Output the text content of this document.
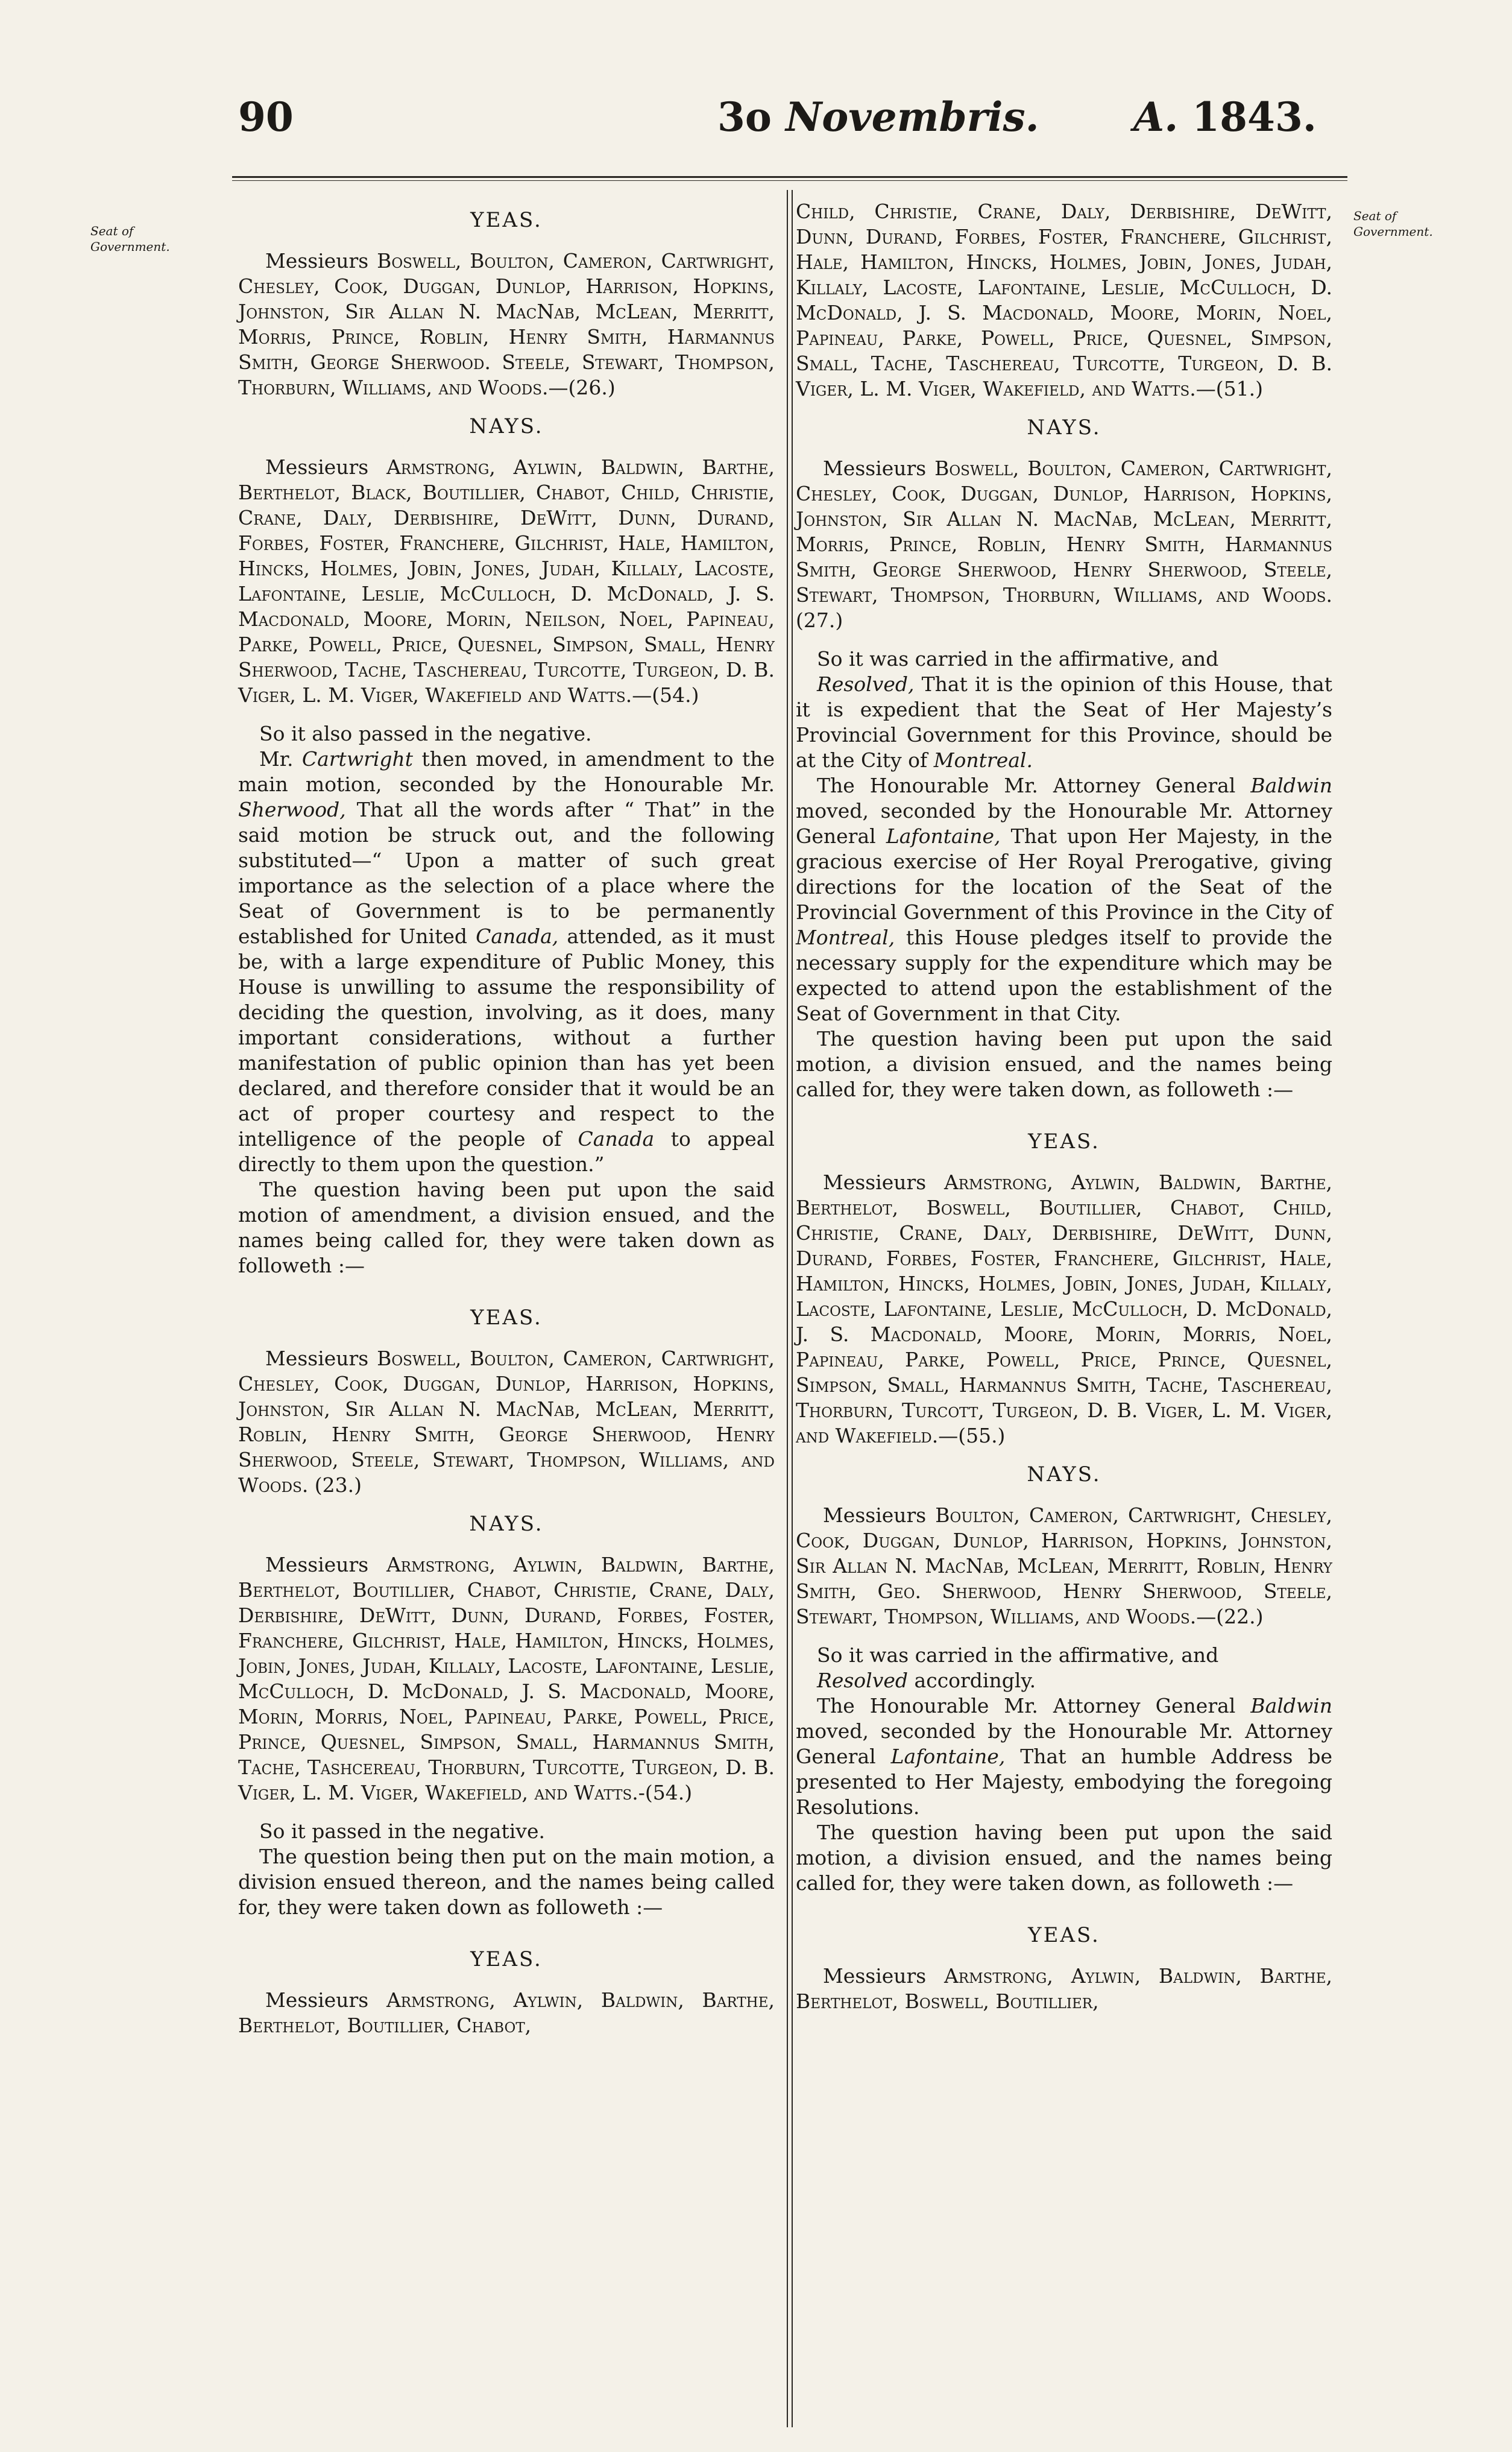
90	3o Novembris. A. 1843.
Seat of Government.
Seat of Government.
YEAS.

Messieurs Boswell, Boulton, Cameron, Cartwright, Chesley, Cook, Duggan, Dunlop, Harrison, Hopkins, Johnston, Sir Allan N. MacNab, McLean, Merritt, Morris, Prince, Roblin, Henry Smith, Harmannus Smith, George Sherwood. Steele, Stewart, Thompson, Thorburn, Williams, and Woods.—(26.)

NAYS.

Messieurs Armstrong, Aylwin, Baldwin, Barthe, Berthelot, Black, Boutillier, Chabot, Child, Christie, Crane, Daly, Derbishire, DeWitt, Dunn, Durand, Forbes, Foster, Franchere, Gilchrist, Hale, Hamilton, Hincks, Holmes, Jobin, Jones, Judah, Killaly, Lacoste, Lafontaine, Leslie, McCulloch, D. McDonald, J. S. Macdonald, Moore, Morin, Neilson, Noel, Papineau, Parke, Powell, Price, Quesnel, Simpson, Small, Henry Sherwood, Tache, Taschereau, Turcotte, Turgeon, D. B. Viger, L. M. Viger, Wakefield and Watts.—(54.)

So it also passed in the negative.

Mr. Cartwright then moved, in amendment to the main motion, seconded by the Honourable Mr. Sherwood, That all the words after “ That” in the said motion be struck out, and the following substituted—“ Upon a matter of such great importance as the selection of a place where the Seat of Government is to be permanently established for United Canada, attended, as it must be, with a large expenditure of Public Money, this House is unwilling to assume the responsibility of deciding the question, involving, as it does, many important considerations, without a further manifestation of public opinion than has yet been declared, and therefore consider that it would be an act of proper courtesy and respect to the intelligence of the people of Canada to appeal directly to them upon the question.”

The question having been put upon the said motion of amendment, a division ensued, and the names being called for, they were taken down as followeth :—

YEAS.

Messieurs Boswell, Boulton, Cameron, Cartwright, Chesley, Cook, Duggan, Dunlop, Harrison, Hopkins, Johnston, Sir Allan N. MacNab, McLean, Merritt, Roblin, Henry Smith, George Sherwood, Henry Sherwood, Steele, Stewart, Thompson, Williams, and Woods. (23.)

NAYS.

Messieurs Armstrong, Aylwin, Baldwin, Barthe, Berthelot, Boutillier, Chabot, Christie, Crane, Daly, Derbishire, DeWitt, Dunn, Durand, Forbes, Foster, Franchere, Gilchrist, Hale, Hamilton, Hincks, Holmes, Jobin, Jones, Judah, Killaly, Lacoste, Lafontaine, Leslie, McCulloch, D. McDonald, J. S. Macdonald, Moore, Morin, Morris, Noel, Papineau, Parke, Powell, Price, Prince, Quesnel, Simpson, Small, Harmannus Smith, Tache, Tashcereau, Thorburn, Turcotte, Turgeon, D. B. Viger, L. M. Viger, Wakefield, and Watts.-(54.)

So it passed in the negative.

The question being then put on the main motion, a division ensued thereon, and the names being called for, they were taken down as followeth :—

YEAS.

Messieurs Armstrong, Aylwin, Baldwin, Barthe, Berthelot, Boutillier, Chabot,

Child, Christie, Crane, Daly, Derbishire, DeWitt, Dunn, Durand, Forbes, Foster, Franchere, Gilchrist, Hale, Hamilton, Hincks, Holmes, Jobin, Jones, Judah, Killaly, Lacoste, Lafontaine, Leslie, McCulloch, D. McDonald, J. S. Macdonald, Moore, Morin, Noel, Papineau, Parke, Powell, Price, Quesnel, Simpson, Small, Tache, Taschereau, Turcotte, Turgeon, D. B. Viger, L. M. Viger, Wakefield, and Watts.—(51.)

NAYS.

Messieurs Boswell, Boulton, Cameron, Cartwright, Chesley, Cook, Duggan, Dunlop, Harrison, Hopkins, Johnston, Sir Allan N. MacNab, McLean, Merritt, Morris, Prince, Roblin, Henry Smith, Harmannus Smith, George Sherwood, Henry Sherwood, Steele, Stewart, Thompson, Thorburn, Williams, and Woods. (27.)

So it was carried in the affirmative, and

Resolved, That it is the opinion of this House, that it is expedient that the Seat of Her Majesty’s Provincial Government for this Province, should be at the City of Montreal.

The Honourable Mr. Attorney General Baldwin moved, seconded by the Honourable Mr. Attorney General Lafontaine, That upon Her Majesty, in the gracious exercise of Her Royal Prerogative, giving directions for the location of the Seat of the Provincial Government of this Province in the City of Montreal, this House pledges itself to provide the necessary supply for the expenditure which may be expected to attend upon the establishment of the Seat of Government in that City.

The question having been put upon the said motion, a division ensued, and the names being called for, they were taken down, as followeth :—

YEAS.

Messieurs Armstrong, Aylwin, Baldwin, Barthe, Berthelot, Boswell, Boutillier, Chabot, Child, Christie, Crane, Daly, Derbishire, DeWitt, Dunn, Durand, Forbes, Foster, Franchere, Gilchrist, Hale, Hamilton, Hincks, Holmes, Jobin, Jones, Judah, Killaly, Lacoste, Lafontaine, Leslie, McCulloch, D. McDonald, J. S. Macdonald, Moore, Morin, Morris, Noel, Papineau, Parke, Powell, Price, Prince, Quesnel, Simpson, Small, Harmannus Smith, Tache, Taschereau, Thorburn, Turcott, Turgeon, D. B. Viger, L. M. Viger, and Wakefield.—(55.)

NAYS.

Messieurs Boulton, Cameron, Cartwright, Chesley, Cook, Duggan, Dunlop, Harrison, Hopkins, Johnston, Sir Allan N. MacNab, McLean, Merritt, Roblin, Henry Smith, Geo. Sherwood, Henry Sherwood, Steele, Stewart, Thompson, Williams, and Woods.—(22.)

So it was carried in the affirmative, and

Resolved accordingly.

The Honourable Mr. Attorney General Baldwin moved, seconded by the Honourable Mr. Attorney General Lafontaine, That an humble Address be presented to Her Majesty, embodying the foregoing Resolutions.

The question having been put upon the said motion, a division ensued, and the names being called for, they were taken down, as followeth :—

YEAS.

Messieurs Armstrong, Aylwin, Baldwin, Barthe, Berthelot, Boswell, Boutillier,
